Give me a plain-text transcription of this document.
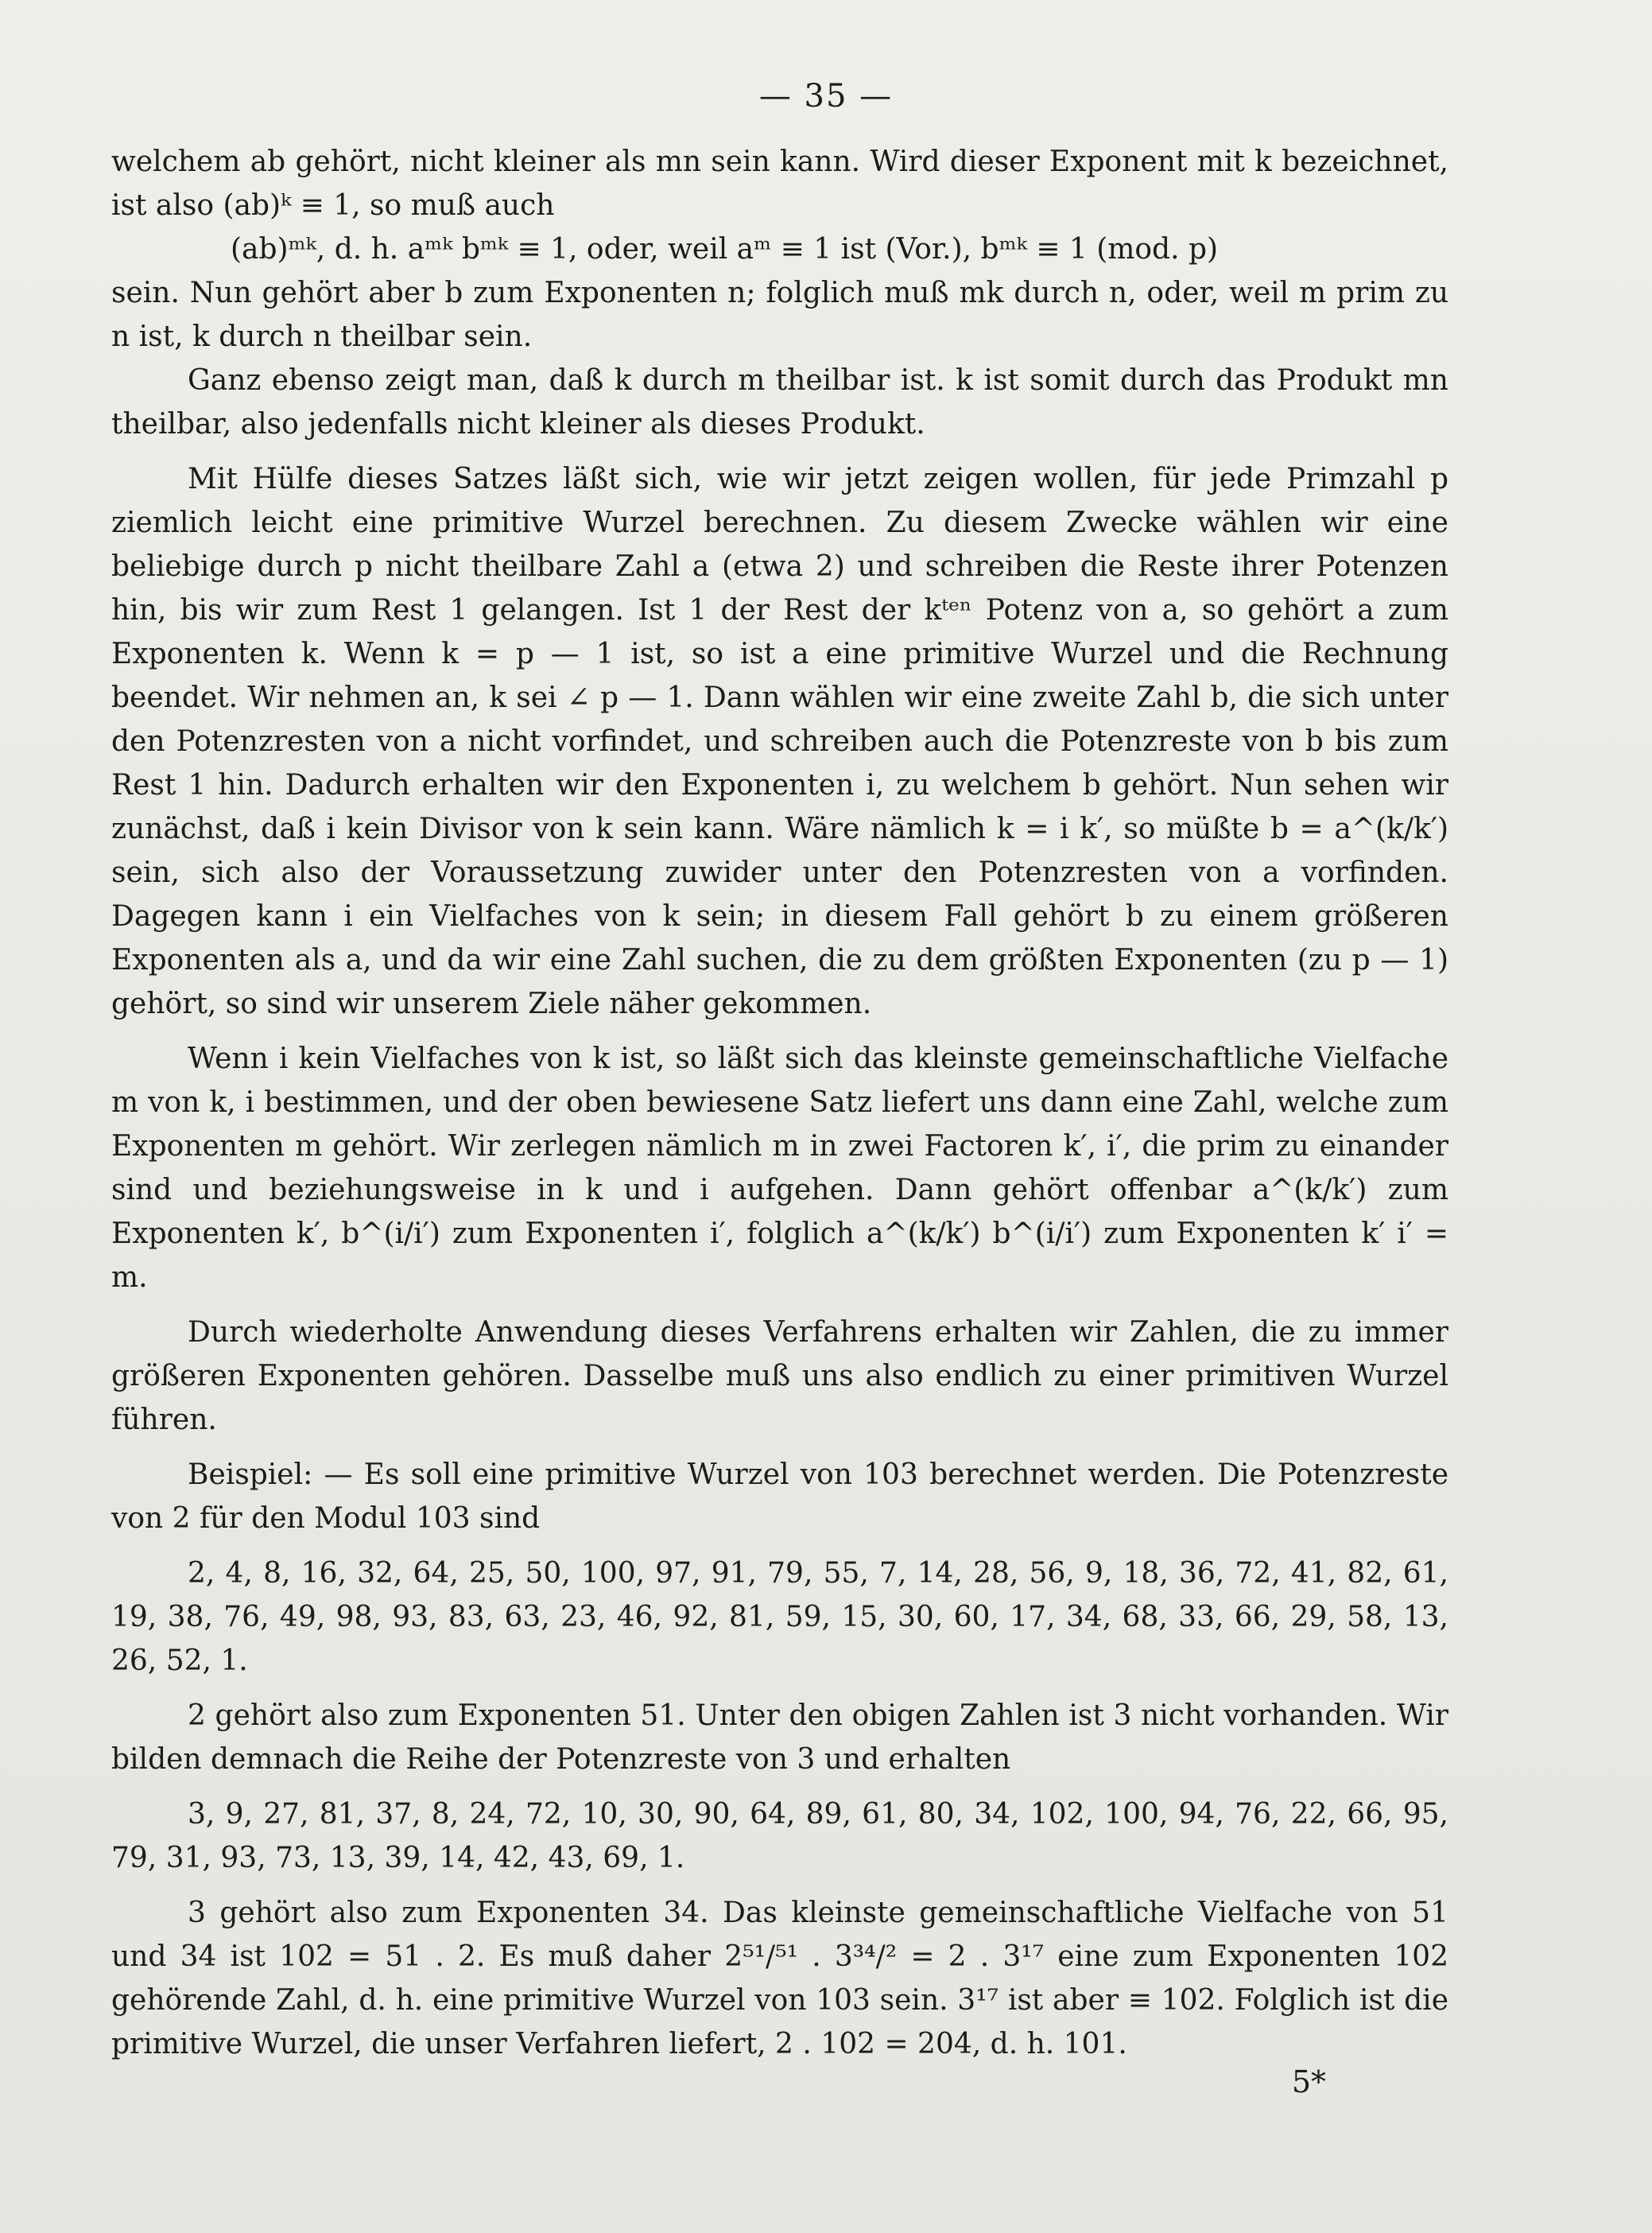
— 35 —

welchem ab gehört, nicht kleiner als mn sein kann. Wird dieser Exponent mit k bezeichnet, ist also (ab)ᵏ ≡ 1, so muß auch

(ab)ᵐᵏ, d. h. aᵐᵏ bᵐᵏ ≡ 1, oder, weil aᵐ ≡ 1 ist (Vor.), bᵐᵏ ≡ 1 (mod. p)

sein. Nun gehört aber b zum Exponenten n; folglich muß mk durch n, oder, weil m prim zu n ist, k durch n theilbar sein.

Ganz ebenso zeigt man, daß k durch m theilbar ist. k ist somit durch das Produkt mn theilbar, also jedenfalls nicht kleiner als dieses Produkt.

Mit Hülfe dieses Satzes läßt sich, wie wir jetzt zeigen wollen, für jede Primzahl p ziemlich leicht eine primitive Wurzel berechnen. Zu diesem Zwecke wählen wir eine beliebige durch p nicht theilbare Zahl a (etwa 2) und schreiben die Reste ihrer Potenzen hin, bis wir zum Rest 1 gelangen. Ist 1 der Rest der kᵗᵉⁿ Potenz von a, so gehört a zum Exponenten k. Wenn k = p — 1 ist, so ist a eine primitive Wurzel und die Rechnung beendet. Wir nehmen an, k sei ∠ p — 1. Dann wählen wir eine zweite Zahl b, die sich unter den Potenzresten von a nicht vorfindet, und schreiben auch die Potenzreste von b bis zum Rest 1 hin. Dadurch erhalten wir den Exponenten i, zu welchem b gehört. Nun sehen wir zunächst, daß i kein Divisor von k sein kann. Wäre nämlich k = i k′, so müßte b = a^(k/k′) sein, sich also der Voraussetzung zuwider unter den Potenzresten von a vorfinden. Dagegen kann i ein Vielfaches von k sein; in diesem Fall gehört b zu einem größeren Exponenten als a, und da wir eine Zahl suchen, die zu dem größten Exponenten (zu p — 1) gehört, so sind wir unserem Ziele näher gekommen.

Wenn i kein Vielfaches von k ist, so läßt sich das kleinste gemeinschaftliche Vielfache m von k, i bestimmen, und der oben bewiesene Satz liefert uns dann eine Zahl, welche zum Exponenten m gehört. Wir zerlegen nämlich m in zwei Factoren k′, i′, die prim zu einander sind und beziehungsweise in k und i aufgehen. Dann gehört offenbar a^(k/k′) zum Exponenten k′, b^(i/i′) zum Exponenten i′, folglich a^(k/k′) b^(i/i′) zum Exponenten k′ i′ = m.

Durch wiederholte Anwendung dieses Verfahrens erhalten wir Zahlen, die zu immer größeren Exponenten gehören. Dasselbe muß uns also endlich zu einer primitiven Wurzel führen.

Beispiel: — Es soll eine primitive Wurzel von 103 berechnet werden. Die Potenzreste von 2 für den Modul 103 sind

2, 4, 8, 16, 32, 64, 25, 50, 100, 97, 91, 79, 55, 7, 14, 28, 56, 9, 18, 36, 72, 41, 82, 61, 19, 38, 76, 49, 98, 93, 83, 63, 23, 46, 92, 81, 59, 15, 30, 60, 17, 34, 68, 33, 66, 29, 58, 13, 26, 52, 1.

2 gehört also zum Exponenten 51. Unter den obigen Zahlen ist 3 nicht vorhanden. Wir bilden demnach die Reihe der Potenzreste von 3 und erhalten

3, 9, 27, 81, 37, 8, 24, 72, 10, 30, 90, 64, 89, 61, 80, 34, 102, 100, 94, 76, 22, 66, 95, 79, 31, 93, 73, 13, 39, 14, 42, 43, 69, 1.

3 gehört also zum Exponenten 34. Das kleinste gemeinschaftliche Vielfache von 51 und 34 ist 102 = 51 . 2. Es muß daher 2⁵¹/⁵¹ . 3³⁴/² = 2 . 3¹⁷ eine zum Exponenten 102 gehörende Zahl, d. h. eine primitive Wurzel von 103 sein. 3¹⁷ ist aber ≡ 102. Folglich ist die primitive Wurzel, die unser Verfahren liefert, 2 . 102 = 204, d. h. 101.

5*
